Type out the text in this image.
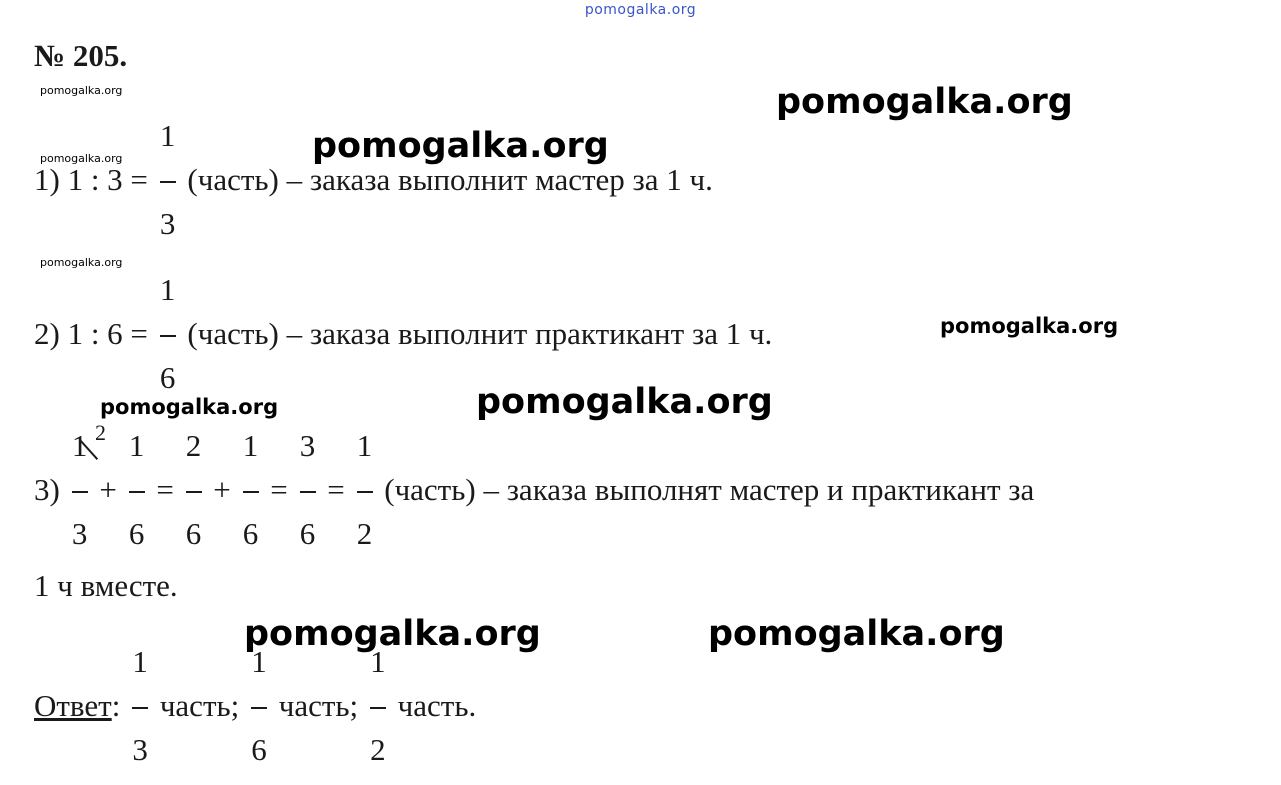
pomogalka.org
№ 205.
1) 1 : $3 = \frac{1}{3}$ (часть) – заказа выполнит мастер за 1 ч.
2) 1 : $6 = \frac{1}{6}$ (часть) – заказа выполнит практикант за 1 ч.
2
$3) \frac{1}{3} + \frac{1}{6} = \frac{2}{6} + \frac{1}{6} = \frac{3}{6} = \frac{1}{2}$ (часть) – заказа выполнят мастер и практикант за
1 ч вместе.
Ответ: $\frac{1}{3}$ часть; $\frac{1}{6}$ часть; $\frac{1}{2}$ часть.
pomogalka.org
pomogalka.org
pomogalka.org
pomogalka.org
pomogalka.org
pomogalka.org
pomogalka.org	pomogalka.org
pomogalka.org	pomogalka.org
